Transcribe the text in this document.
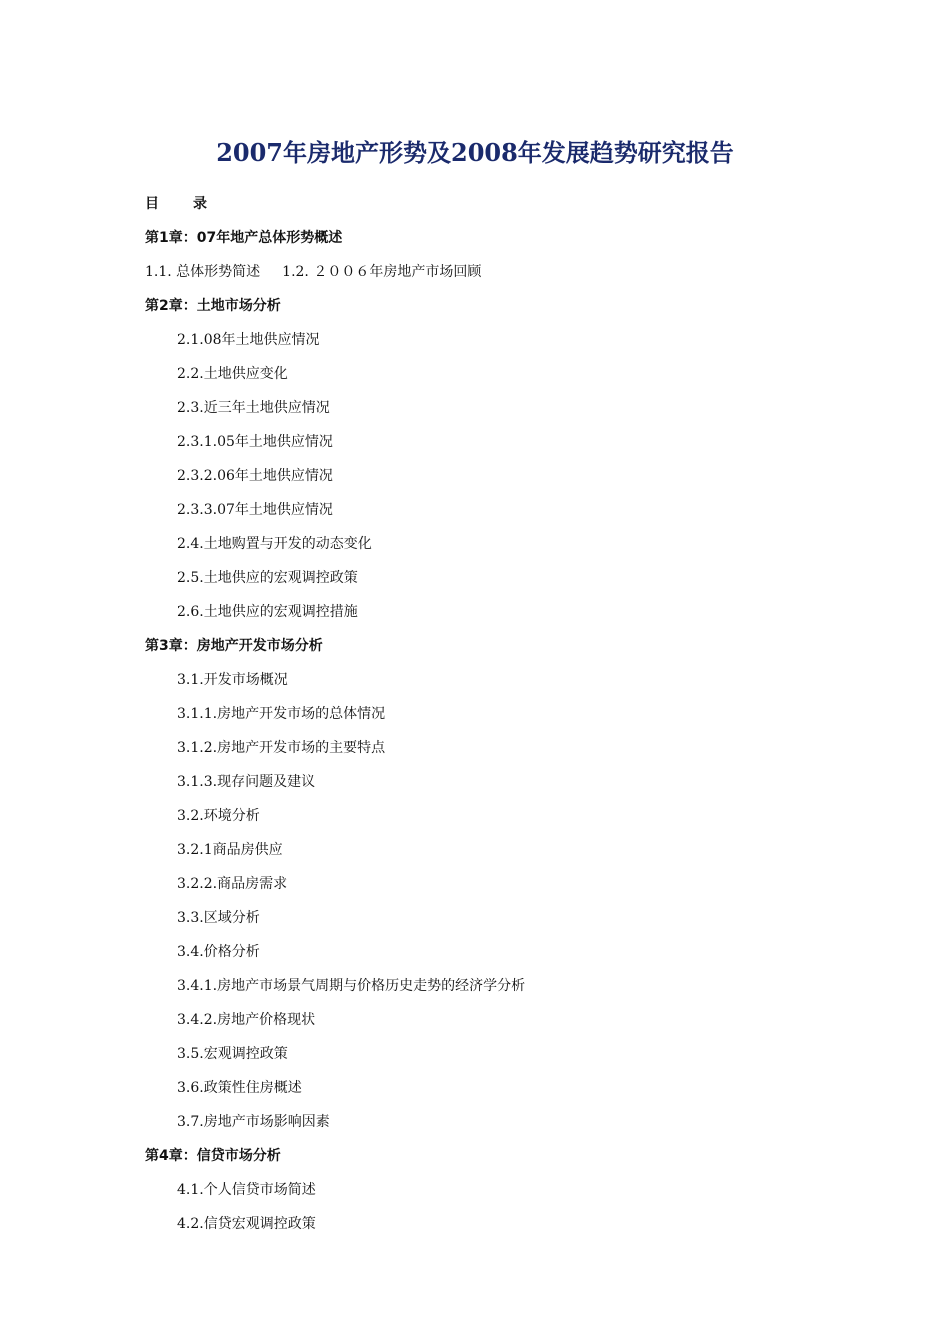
2007年房地产形势及2008年发展趋势研究报告
目 录
第1章：07年地产总体形势概述
1.1. 总体形势简述 1.2. ２００６年房地产市场回顾
第2章：土地市场分析
2.1.08年土地供应情况
2.2.土地供应变化
2.3.近三年土地供应情况
2.3.1.05年土地供应情况
2.3.2.06年土地供应情况
2.3.3.07年土地供应情况
2.4.土地购置与开发的动态变化
2.5.土地供应的宏观调控政策
2.6.土地供应的宏观调控措施
第3章：房地产开发市场分析
3.1.开发市场概况
3.1.1.房地产开发市场的总体情况
3.1.2.房地产开发市场的主要特点
3.1.3.现存问题及建议
3.2.环境分析
3.2.1商品房供应
3.2.2.商品房需求
3.3.区域分析
3.4.价格分析
3.4.1.房地产市场景气周期与价格历史走势的经济学分析
3.4.2.房地产价格现状
3.5.宏观调控政策
3.6.政策性住房概述
3.7.房地产市场影响因素
第4章：信贷市场分析
4.1.个人信贷市场简述
4.2.信贷宏观调控政策
